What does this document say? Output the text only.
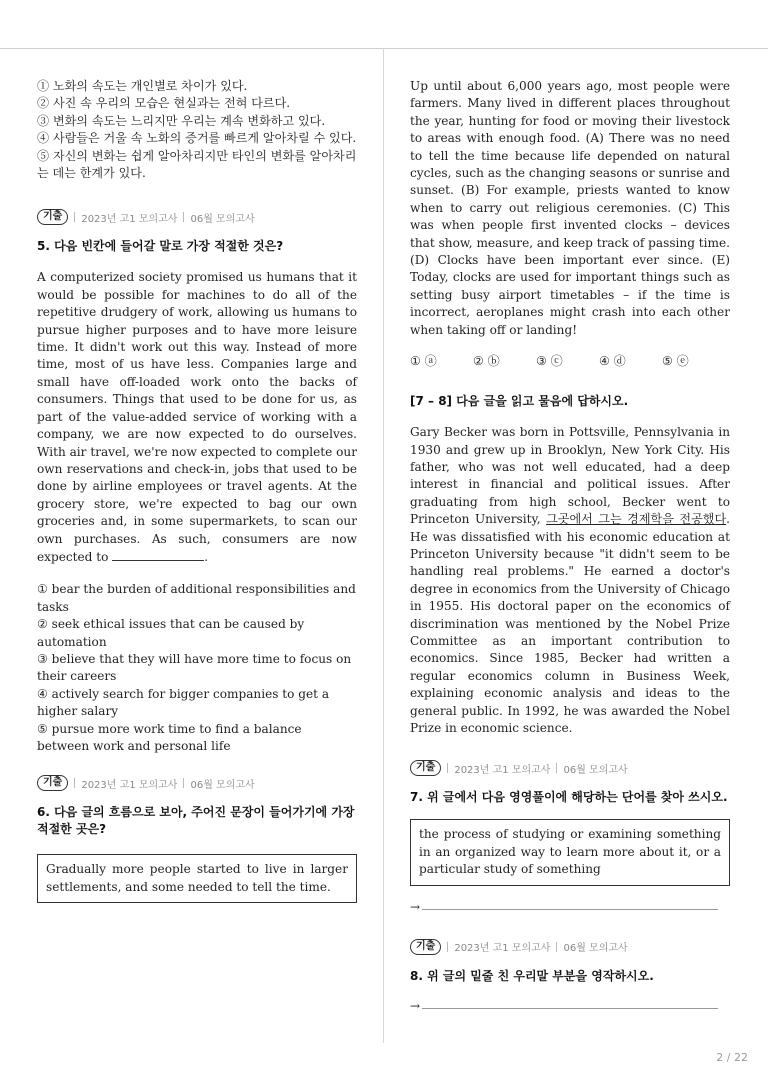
① 노화의 속도는 개인별로 차이가 있다.

② 사진 속 우리의 모습은 현실과는 전혀 다르다.

③ 변화의 속도는 느리지만 우리는 계속 변화하고 있다.

④ 사람들은 거울 속 노화의 증거를 빠르게 알아차릴 수 있다.

⑤ 자신의 변화는 쉽게 알아차리지만 타인의 변화를 알아차리는 데는 한계가 있다.

기출	2023년 고1 모의고사 06월 모의고사

5. 다음 빈칸에 들어갈 말로 가장 적절한 것은?

A computerized society promised us humans that it would be possible for machines to do all of the repetitive drudgery of work, allowing us humans to pursue higher purposes and to have more leisure time. It didn't work out this way. Instead of more time, most of us have less. Companies large and small have off-loaded work onto the backs of consumers. Things that used to be done for us, as part of the value-added service of working with a company, we are now expected to do ourselves. With air travel, we're now expected to complete our own reservations and check-in, jobs that used to be done by airline employees or travel agents. At the grocery store, we're expected to bag our own groceries and, in some supermarkets, to scan our own purchases. As such, consumers are now expected to	.

① bear the burden of additional responsibilities and tasks

② seek ethical issues that can be caused by automation

③ believe that they will have more time to focus on their careers

④ actively search for bigger companies to get a higher salary

⑤ pursue more work time to find a balance between work and personal life

기출	2023년 고1 모의고사 06월 모의고사

6. 다음 글의 흐름으로 보아, 주어진 문장이 들어가기에 가장 적절한 곳은?

Gradually more people started to live in larger settlements, and some needed to tell the time.

Up until about 6,000 years ago, most people were farmers. Many lived in different places throughout the year, hunting for food or moving their livestock to areas with enough food. (A) There was no need to tell the time because life depended on natural cycles, such as the changing seasons or sunrise and sunset. (B) For example, priests wanted to know when to carry out religious ceremonies. (C) This was when people first invented clocks – devices that show, measure, and keep track of passing time. (D) Clocks have been important ever since. (E) Today, clocks are used for important things such as setting busy airport timetables – if the time is incorrect, aeroplanes might crash into each other when taking off or landing!

① ⓐ	② ⓑ	③ ⓒ	④ ⓓ	⑤ ⓔ

[7 – 8] 다음 글을 읽고 물음에 답하시오.

Gary Becker was born in Pottsville, Pennsylvania in 1930 and grew up in Brooklyn, New York City. His father, who was not well educated, had a deep interest in financial and political issues. After graduating from high school, Becker went to Princeton University, 그곳에서 그는 경제학을 전공했다. He was dissatisfied with his economic education at Princeton University because "it didn't seem to be handling real problems." He earned a doctor's degree in economics from the University of Chicago in 1955. His doctoral paper on the economics of discrimination was mentioned by the Nobel Prize Committee as an important contribution to economics. Since 1985, Becker had written a regular economics column in Business Week, explaining economic analysis and ideas to the general public. In 1992, he was awarded the Nobel Prize in economic science.

기출	2023년 고1 모의고사 06월 모의고사

7. 위 글에서 다음 영영풀이에 해당하는 단어를 찾아 쓰시오.

the process of studying or examining something in an organized way to learn more about it, or a particular study of something
→
기출	2023년 고1 모의고사 06월 모의고사

8. 위 글의 밑줄 친 우리말 부분을 영작하시오.

→
2 / 22
